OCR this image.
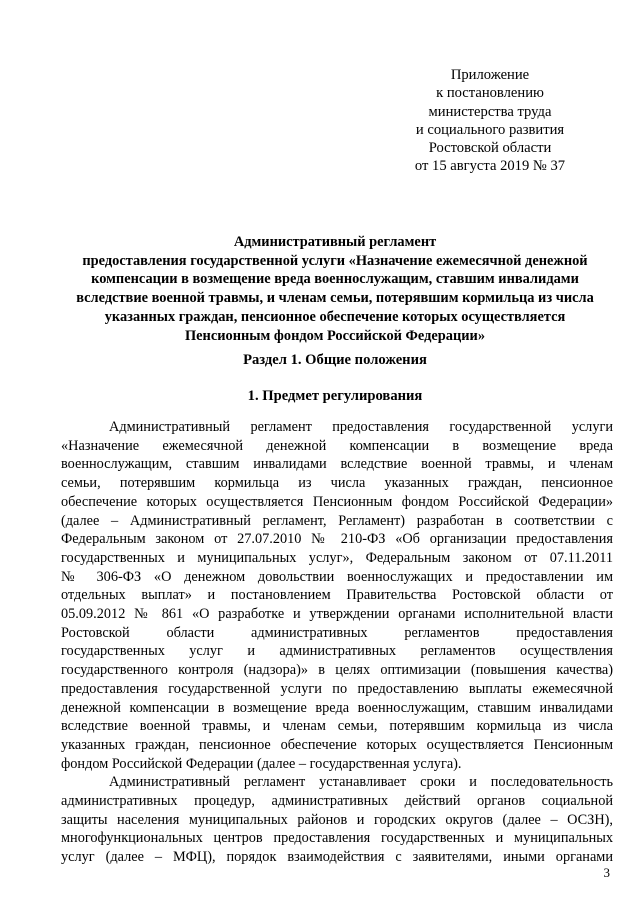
Приложение
к постановлению
министерства труда
и социального развития
Ростовской области
от 15 августа 2019 № 37
Административный регламент
предоставления государственной услуги «Назначение ежемесячной денежной
компенсации в возмещение вреда военнослужащим, ставшим инвалидами
вследствие военной травмы, и членам семьи, потерявшим кормильца из числа
указанных граждан, пенсионное обеспечение которых осуществляется
Пенсионным фондом Российской Федерации»
Раздел 1. Общие положения
1. Предмет регулирования
Административный регламент предоставления государственной услуги
«Назначение ежемесячной денежной компенсации в возмещение вреда
военнослужащим, ставшим инвалидами вследствие военной травмы, и членам
семьи, потерявшим кормильца из числа указанных граждан, пенсионное
обеспечение которых осуществляется Пенсионным фондом Российской Федерации»
(далее – Административный регламент, Регламент) разработан в соответствии с
Федеральным законом от 27.07.2010 № 210-ФЗ «Об организации предоставления
государственных и муниципальных услуг», Федеральным законом от 07.11.2011
№ 306-ФЗ «О денежном довольствии военнослужащих и предоставлении им
отдельных выплат» и постановлением Правительства Ростовской области от
05.09.2012 № 861 «О разработке и утверждении органами исполнительной власти
Ростовской области административных регламентов предоставления
государственных услуг и административных регламентов осуществления
государственного контроля (надзора)» в целях оптимизации (повышения качества)
предоставления государственной услуги по предоставлению выплаты ежемесячной
денежной компенсации в возмещение вреда военнослужащим, ставшим инвалидами
вследствие военной травмы, и членам семьи, потерявшим кормильца из числа
указанных граждан, пенсионное обеспечение которых осуществляется Пенсионным
фондом Российской Федерации (далее – государственная услуга).
Административный регламент устанавливает сроки и последовательность
административных процедур, административных действий органов социальной
защиты населения муниципальных районов и городских округов (далее – ОСЗН),
многофункциональных центров предоставления государственных и муниципальных
услуг (далее – МФЦ), порядок взаимодействия с заявителями, иными органами
3
